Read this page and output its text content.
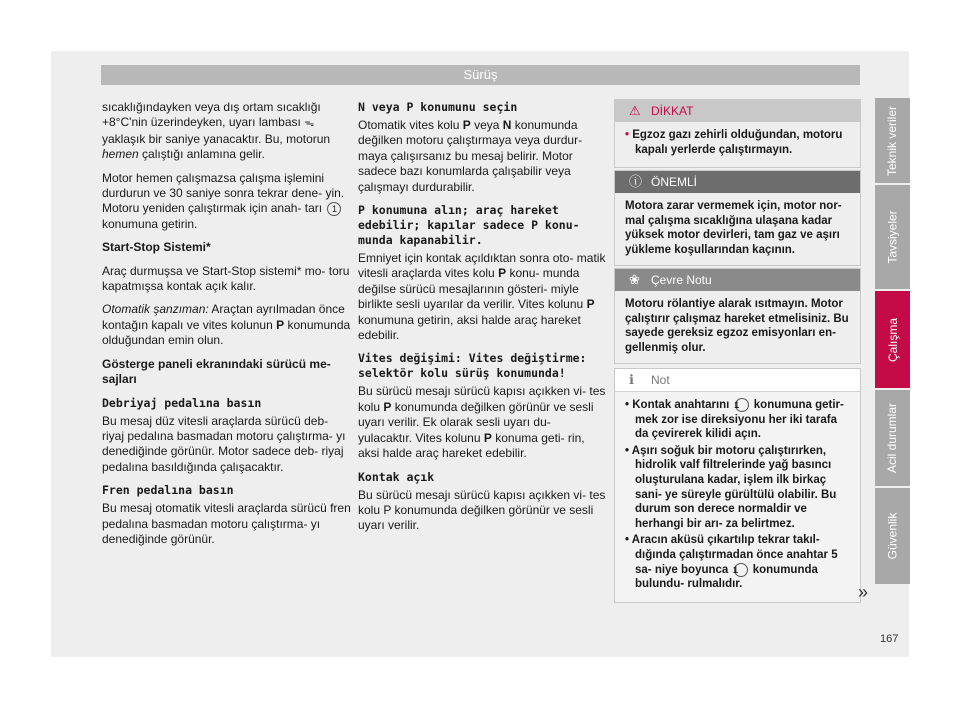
Sürüş

sıcaklığındayken veya dış ortam sıcaklığı +8°C'nin üzerindeyken, uyarı lambası ᯓ yaklaşık bir saniye yanacaktır. Bu, motorun hemen çalıştığı anlamına gelir.

Motor hemen çalışmazsa çalışma işlemini durdurun ve 30 saniye sonra tekrar dene- yin. Motoru yeniden çalıştırmak için anah- tarı 1 konumuna getirin.

Start-Stop Sistemi*

Araç durmuşsa ve Start-Stop sistemi* mo- toru kapatmışsa kontak açık kalır.

Otomatik şanzıman: Araçtan ayrılmadan önce kontağın kapalı ve vites kolunun P konumunda olduğundan emin olun.

Gösterge paneli ekranındaki sürücü me- sajları

Debriyaj pedalına basın

Bu mesaj düz vitesli araçlarda sürücü deb- riyaj pedalına basmadan motoru çalıştırma- yı denediğinde görünür. Motor sadece deb- riyaj pedalına basıldığında çalışacaktır.

Fren pedalına basın

Bu mesaj otomatik vitesli araçlarda sürücü fren pedalına basmadan motoru çalıştırma- yı denediğinde görünür.

N veya P konumunu seçin

Otomatik vites kolu P veya N konumunda değilken motoru çalıştırmaya veya durdur- maya çalışırsanız bu mesaj belirir. Motor sadece bazı konumlarda çalışabilir veya çalışmayı durdurabilir.

P konumuna alın; araç hareket edebilir; kapılar sadece P konu- munda kapanabilir.

Emniyet için kontak açıldıktan sonra oto- matik vitesli araçlarda vites kolu P konu- munda değilse sürücü mesajlarının gösteri- miyle birlikte sesli uyarılar da verilir. Vites kolunu P konumuna getirin, aksi halde araç hareket edebilir.

Vites değişimi: Vites değiştirme: selektör kolu sürüş konumunda!

Bu sürücü mesajı sürücü kapısı açıkken vi- tes kolu P konumunda değilken görünür ve sesli uyarı verilir. Ek olarak sesli uyarı du- yulacaktır. Vites kolunu P konuma geti- rin, aksi halde araç hareket edebilir.

Kontak açık

Bu sürücü mesajı sürücü kapısı açıkken vi- tes kolu P konumunda değilken görünür ve sesli uyarı verilir.

⚠ DİKKAT

• Egzoz gazı zehirli olduğundan, motoru kapalı yerlerde çalıştırmayın.

ⓘ ÖNEMLİ

Motora zarar vermemek için, motor nor- mal çalışma sıcaklığına ulaşana kadar yüksek motor devirleri, tam gaz ve aşırı yükleme koşullarından kaçının.

❀ Çevre Notu

Motoru rölantiye alarak ısıtmayın. Motor çalıştırır çalışmaz hareket etmelisiniz. Bu sayede gereksiz egzoz emisyonları en- gellenmiş olur.

ℹ Not

• Kontak anahtarını 1 konumuna getir- mek zor ise direksiyonu her iki tarafa da çevirerek kilidi açın.

• Aşırı soğuk bir motoru çalıştırırken, hidrolik valf filtrelerinde yağ basıncı oluşturulana kadar, işlem ilk birkaç sani- ye süreyle gürültülü olabilir. Bu durum son derece normaldir ve herhangi bir arı- za belirtmez.

• Aracın aküsü çıkartılıp tekrar takıl- dığında çalıştırmadan önce anahtar 5 sa- niye boyunca 1 konumunda bulundu- rulmalıdır.	»
Teknik veriler
Tavsiyeler
Çalışma
Acil durumlar
Güvenlik
167
